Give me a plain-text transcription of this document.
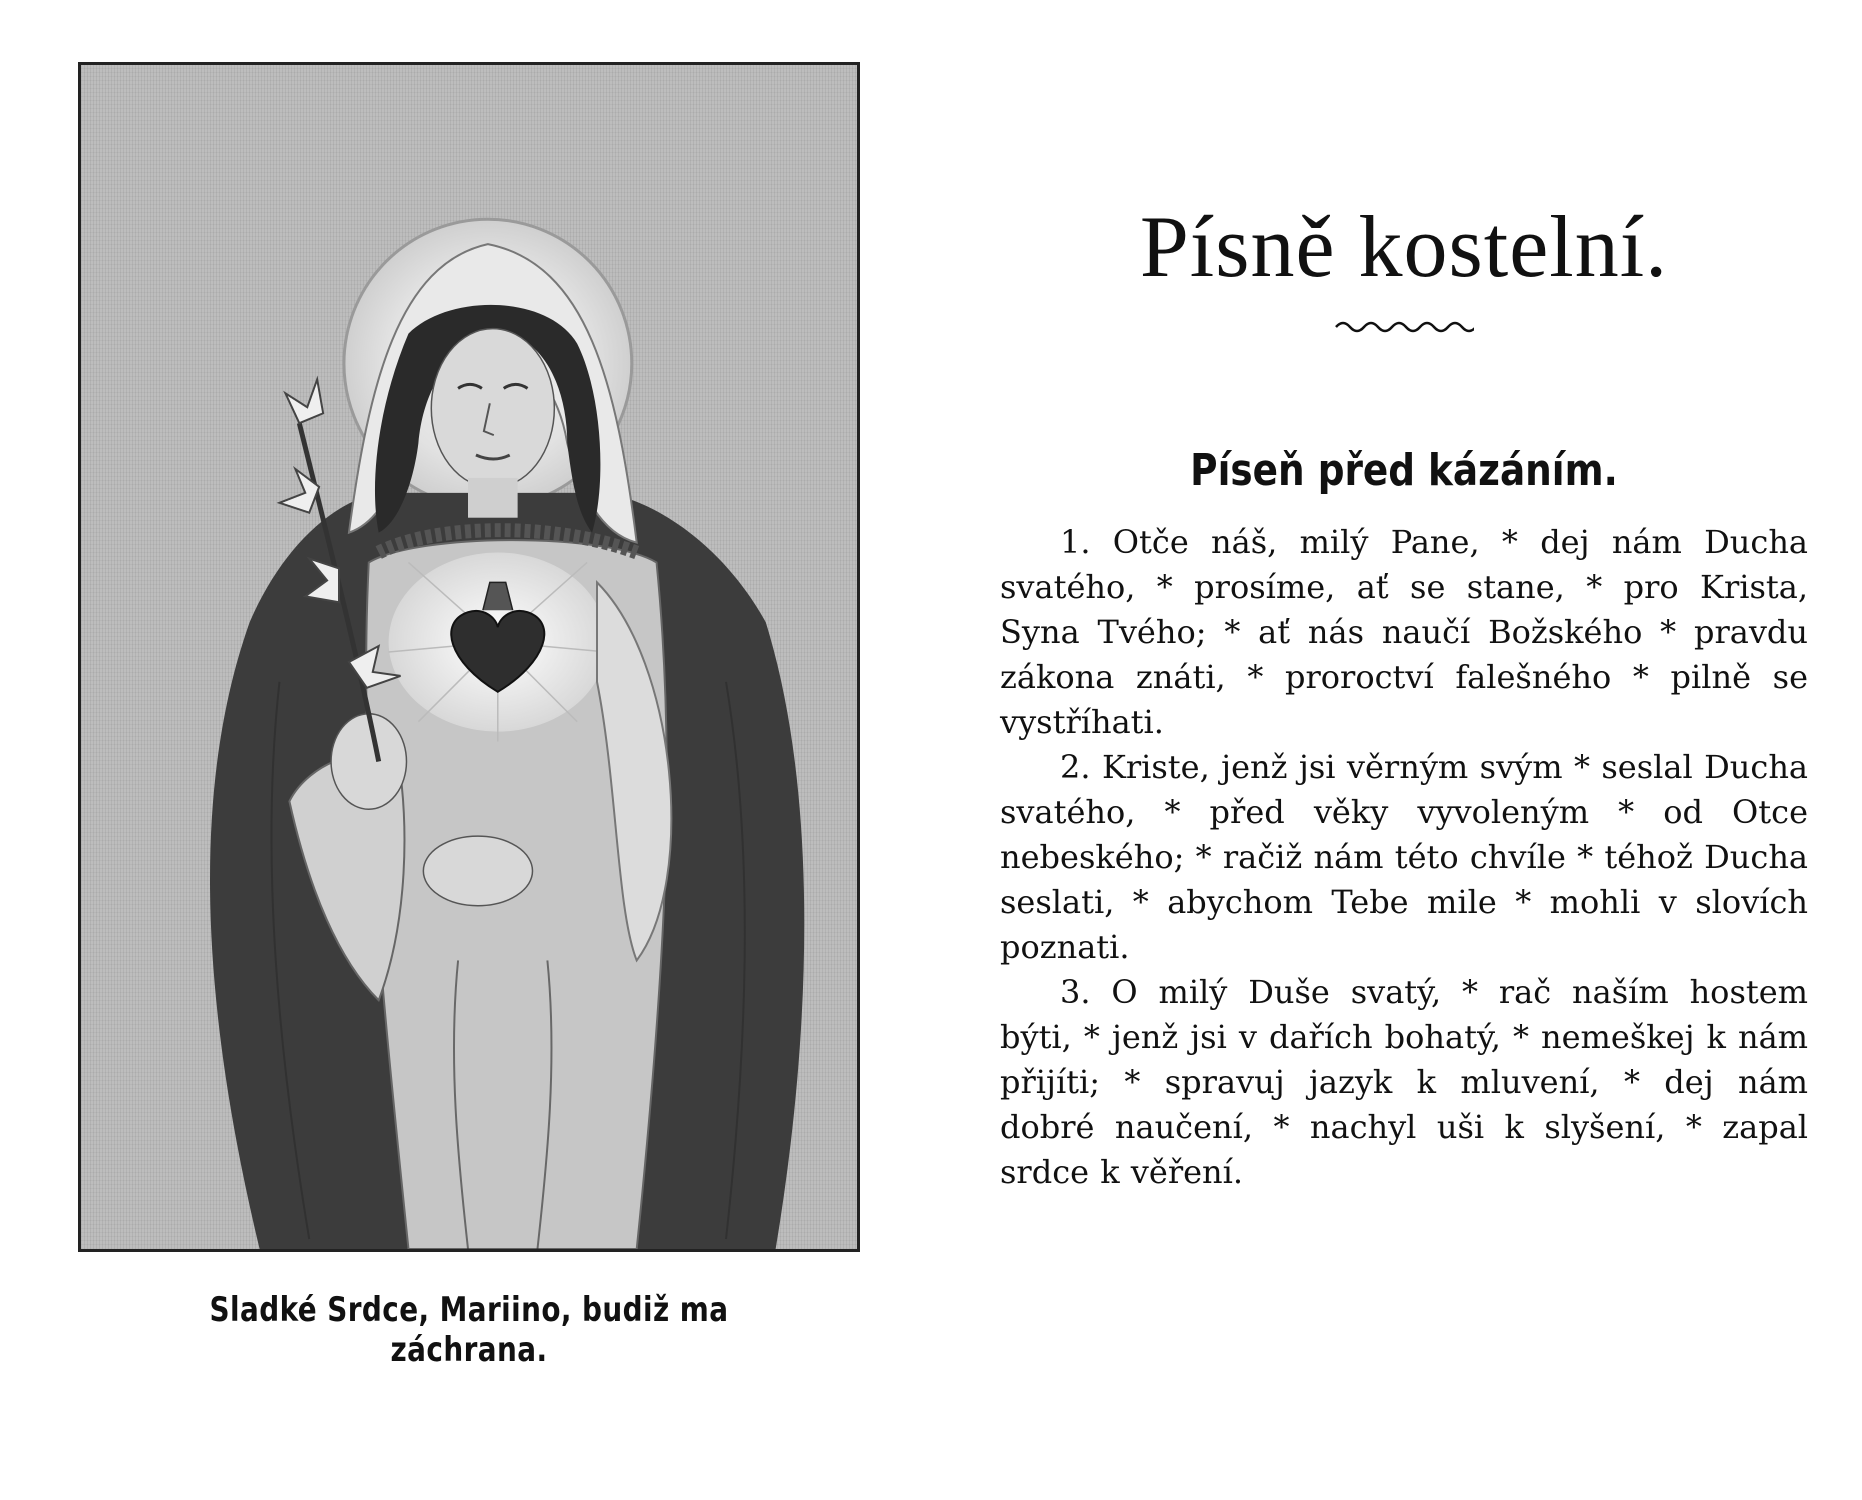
Sladké Srdce, Mariino, budiž ma záchrana.
Písně kostelní.
Píseň před kázáním.

1. Otče náš, milý Pane, * dej nám Ducha svatého, * prosíme, ať se stane, * pro Krista, Syna Tvého; * ať nás naučí Božského * pravdu zákona znáti, * proroctví falešného * pilně se vystříhati.

2. Kriste, jenž jsi věrným svým * seslal Ducha svatého, * před věky vyvoleným * od Otce nebeského; * račiž nám této chvíle * téhož Ducha seslati, * abychom Tebe mile * mohli v slovích poznati.

3. O milý Duše svatý, * rač naším hostem býti, * jenž jsi v dařích bohatý, * nemeškej k nám přijíti; * spravuj jazyk k mluvení, * dej nám dobré naučení, * nachyl uši k slyšení, * zapal srdce k věření.
